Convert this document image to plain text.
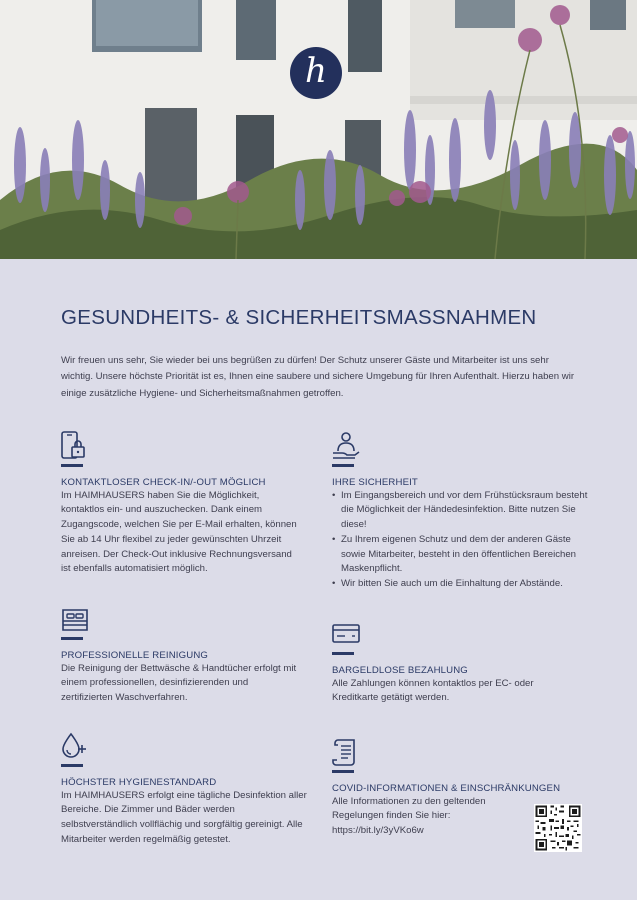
h
GESUNDHEITS- & SICHERHEITSMASSNAHMEN

Wir freuen uns sehr, Sie wieder bei uns begrüßen zu dürfen! Der Schutz unserer Gäste und Mitarbeiter ist uns sehr wichtig. Unsere höchste Priorität ist es, Ihnen eine saubere und sichere Umgebung für Ihren Aufenthalt. Hierzu haben wir einige zusätzliche Hygiene- und Sicherheitsmaßnahmen getroffen.

KONTAKTLOSER CHECK-IN/-OUT MÖGLICH

Im HAIMHAUSERS haben Sie die Möglichkeit, kontaktlos ein- und auszuchecken. Dank einem Zugangscode, welchen Sie per E-Mail erhalten, können Sie ab 14 Uhr flexibel zu jeder gewünschten Uhrzeit anreisen. Der Check-Out inklusive Rechnungsversand ist ebenfalls automatisiert möglich.

IHRE SICHERHEIT
• Im Eingangsbereich und vor dem Frühstücksraum besteht die Möglichkeit der Händedesinfektion. Bitte nutzen Sie diese!
• Zu Ihrem eigenen Schutz und dem der anderen Gäste sowie Mitarbeiter, besteht in den öffentlichen Bereichen Maskenpflicht.
• Wir bitten Sie auch um die Einhaltung der Abstände.
PROFESSIONELLE REINIGUNG

Die Reinigung der Bettwäsche & Handtücher erfolgt mit einem professionellen, desinfizierenden und zertifizierten Waschverfahren.

BARGELDLOSE BEZAHLUNG

Alle Zahlungen können kontaktlos per EC- oder Kreditkarte getätigt werden.

HÖCHSTER HYGIENESTANDARD

Im HAIMHAUSERS erfolgt eine tägliche Desinfektion aller Bereiche. Die Zimmer und Bäder werden selbstverständlich vollflächig und sorgfältig gereinigt. Alle Mitarbeiter werden regelmäßig getestet.

COVID-INFORMATIONEN & EINSCHRÄNKUNGEN

Alle Informationen zu den geltenden Regelungen finden Sie hier:

https://bit.ly/3yVKo6w
